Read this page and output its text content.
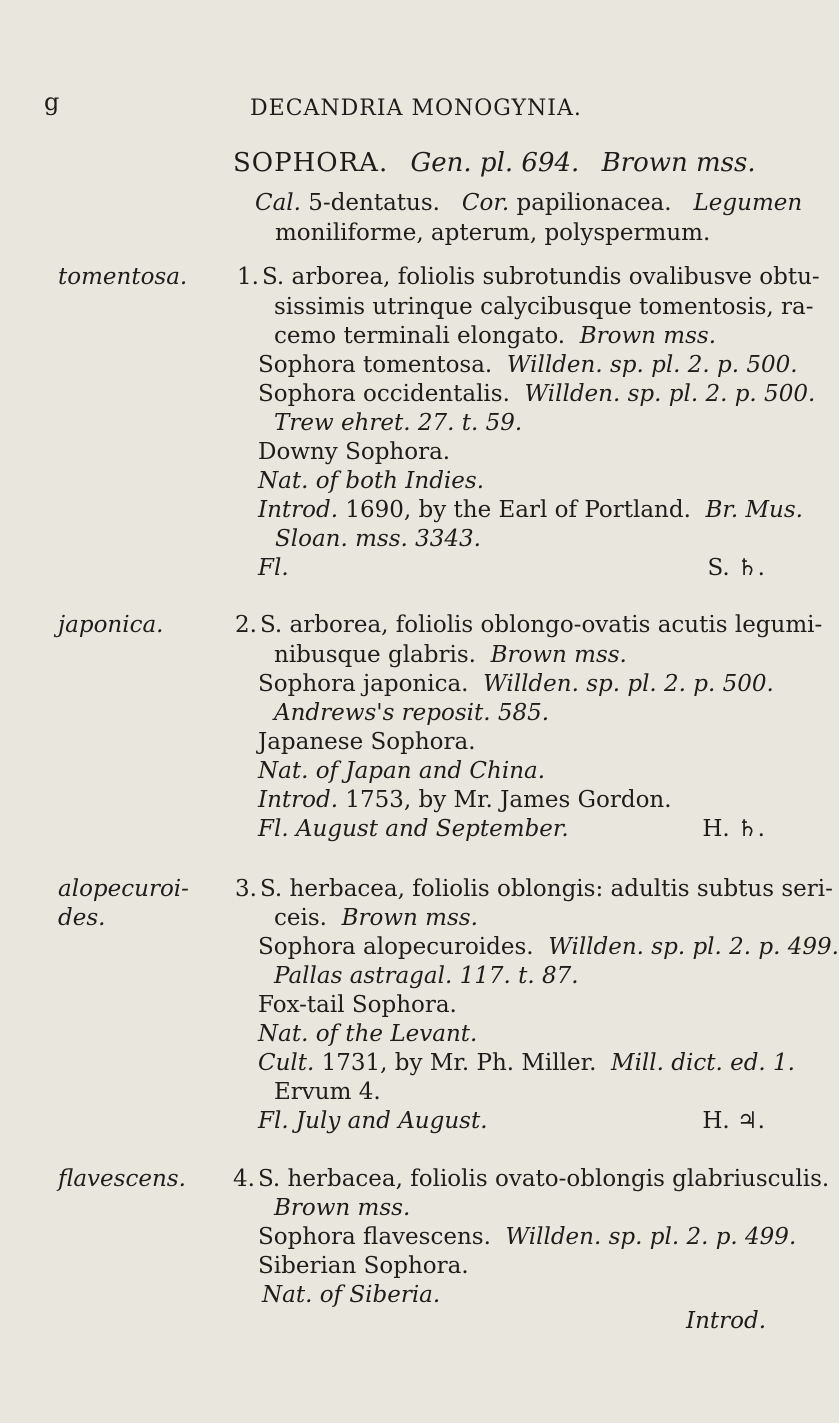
g	DECANDRIA MONOGYNIA.
SOPHORA. Gen. pl. 694. Brown mss.
Cal. 5-dentatus. Cor. papilionacea. Legumen
moniliforme, apterum, polyspermum.
tomentosa. 1. S. arborea, foliolis subrotundis ovalibusve obtu-
sissimis utrinque calycibusque tomentosis, ra-
cemo terminali elongato. Brown mss.
Sophora tomentosa. Willden. sp. pl. 2. p. 500.
Sophora occidentalis. Willden. sp. pl. 2. p. 500.
Trew ehret. 27. t. 59.
Downy Sophora.
Nat. of both Indies.
Introd. 1690, by the Earl of Portland. Br. Mus.
Sloan. mss. 3343.
Fl.	S. ♄.
japonica.	2. S. arborea, foliolis oblongo-ovatis acutis legumi-
nibusque glabris. Brown mss.
Sophora japonica. Willden. sp. pl. 2. p. 500.
Andrews's reposit. 585.
Japanese Sophora.
Nat. of Japan and China.
Introd. 1753, by Mr. James Gordon.
Fl. August and September.	H. ♄.
alopecuroi-
des.
3. S. herbacea, foliolis oblongis: adultis subtus seri-
ceis. Brown mss.
Sophora alopecuroides. Willden. sp. pl. 2. p. 499.
Pallas astragal. 117. t. 87.
Fox-tail Sophora.
Nat. of the Levant.
Cult. 1731, by Mr. Ph. Miller. Mill. dict. ed. 1.
Ervum 4.
Fl. July and August.	H. ♃.
flavescens. 4. S. herbacea, foliolis ovato-oblongis glabriusculis.
Brown mss.
Sophora flavescens. Willden. sp. pl. 2. p. 499.
Siberian Sophora.
Nat. of Siberia.
Introd.
